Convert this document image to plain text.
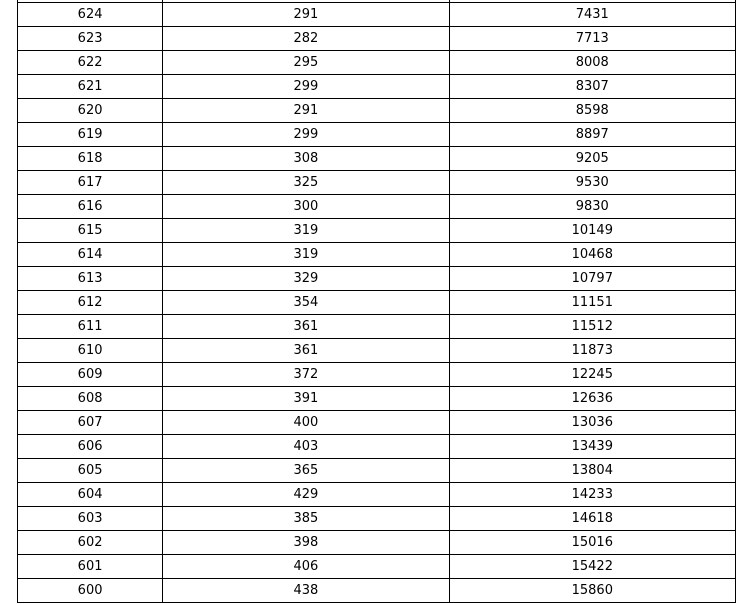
624	291	7431
623	282	7713
622	295	8008
621	299	8307
620	291	8598
619	299	8897
618	308	9205
617	325	9530
616	300	9830
615	319	10149
614	319	10468
613	329	10797
612	354	11151
611	361	11512
610	361	11873
609	372	12245
608	391	12636
607	400	13036
606	403	13439
605	365	13804
604	429	14233
603	385	14618
602	398	15016
601	406	15422
600	438	15860
